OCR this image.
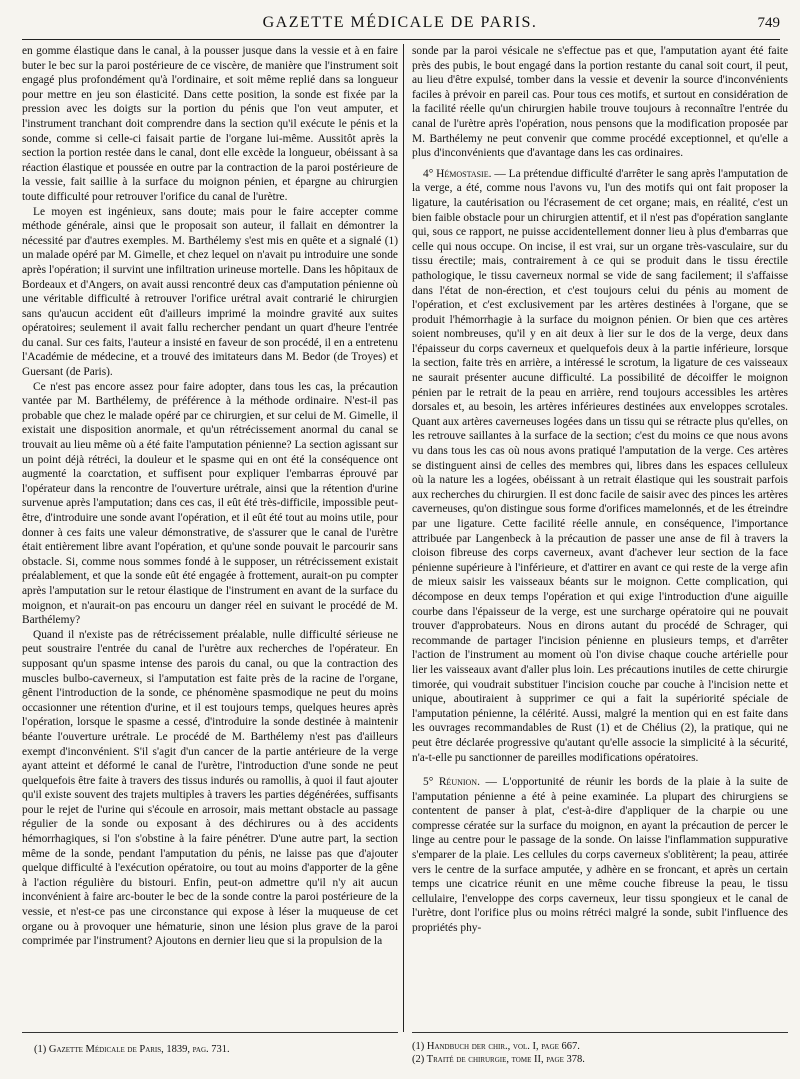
GAZETTE MÉDICALE DE PARIS.	749

en gomme élastique dans le canal, à la pousser jusque dans la vessie et à en faire buter le bec sur la paroi postérieure de ce viscère, de manière que l'instrument soit engagé plus profondément qu'à l'ordinaire, et soit même replié dans sa longueur pour mettre en jeu son élasticité. Dans cette position, la sonde est fixée par la pression avec les doigts sur la portion du pénis que l'on veut amputer, et l'instrument tranchant doit comprendre dans la section qu'il exécute le pénis et la sonde, comme si celle-ci faisait partie de l'organe lui-même. Aussitôt après la section la portion restée dans le canal, dont elle excède la longueur, obéissant à sa réaction élastique et poussée en outre par la contraction de la paroi postérieure de la vessie, fait saillie à la surface du moignon pénien, et épargne au chirurgien toute difficulté pour retrouver l'orifice du canal de l'urètre.

Le moyen est ingénieux, sans doute; mais pour le faire accepter comme méthode générale, ainsi que le proposait son auteur, il fallait en démontrer la nécessité par d'autres exemples. M. Barthélemy s'est mis en quête et a signalé (1) un malade opéré par M. Gimelle, et chez lequel on n'avait pu introduire une sonde après l'opération; il survint une infiltration urineuse mortelle. Dans les hôpitaux de Bordeaux et d'Angers, on avait aussi rencontré deux cas d'amputation pénienne où une véritable difficulté à retrouver l'orifice urétral avait contrarié le chirurgien sans qu'aucun accident eût d'ailleurs imprimé la moindre gravité aux suites opératoires; seulement il avait fallu rechercher pendant un quart d'heure l'entrée du canal. Sur ces faits, l'auteur a insisté en faveur de son procédé, il en a entretenu l'Académie de médecine, et a trouvé des imitateurs dans M. Bedor (de Troyes) et Guersant (de Paris).

Ce n'est pas encore assez pour faire adopter, dans tous les cas, la précaution vantée par M. Barthélemy, de préférence à la méthode ordinaire. N'est-il pas probable que chez le malade opéré par ce chirurgien, et sur celui de M. Gimelle, il existait une disposition anormale, et qu'un rétrécissement anormal du canal se trouvait au lieu même où a été faite l'amputation pénienne? La section agissant sur un point déjà rétréci, la douleur et le spasme qui en ont été la conséquence ont augmenté la coarctation, et suffisent pour expliquer l'embarras éprouvé par l'opérateur dans la rencontre de l'ouverture urétrale, ainsi que la rétention d'urine survenue après l'amputation; dans ces cas, il eût été très-difficile, impossible peut-être, d'introduire une sonde avant l'opération, et il eût été tout au moins utile, pour donner à ces faits une valeur démonstrative, de s'assurer que le canal de l'urètre était entièrement libre avant l'opération, et qu'une sonde pouvait le parcourir sans obstacle. Si, comme nous sommes fondé à le supposer, un rétrécissement existait préalablement, et que la sonde eût été engagée à frottement, aurait-on pu compter après l'amputation sur le retour élastique de l'instrument en avant de la surface du moignon, et n'aurait-on pas encouru un danger réel en suivant le procédé de M. Barthélemy?

Quand il n'existe pas de rétrécissement préalable, nulle difficulté sérieuse ne peut soustraire l'entrée du canal de l'urètre aux recherches de l'opérateur. En supposant qu'un spasme intense des parois du canal, ou que la contraction des muscles bulbo-caverneux, si l'amputation est faite près de la racine de l'organe, gênent l'introduction de la sonde, ce phénomène spasmodique ne peut du moins occasionner une rétention d'urine, et il est toujours temps, quelques heures après l'opération, lorsque le spasme a cessé, d'introduire la sonde destinée à maintenir béante l'ouverture urétrale. Le procédé de M. Barthélemy n'est pas d'ailleurs exempt d'inconvénient. S'il s'agit d'un cancer de la partie antérieure de la verge ayant atteint et déformé le canal de l'urètre, l'introduction d'une sonde ne peut quelquefois être faite à travers des tissus indurés ou ramollis, à quoi il faut ajouter qu'il existe souvent des trajets multiples à travers les parties dégénérées, suffisants pour le rejet de l'urine qui s'écoule en arrosoir, mais mettant obstacle au passage régulier de la sonde ou exposant à des déchirures ou à des accidents hémorrhagiques, si l'on s'obstine à la faire pénétrer. D'une autre part, la section même de la sonde, pendant l'amputation du pénis, ne laisse pas que d'ajouter quelque difficulté à l'exécution opératoire, ou tout au moins d'apporter de la gêne à l'action régulière du bistouri. Enfin, peut-on admettre qu'il n'y ait aucun inconvénient à faire arc-bouter le bec de la sonde contre la paroi postérieure de la vessie, et n'est-ce pas une circonstance qui expose à léser la muqueuse de cet organe ou à provoquer une hématurie, sinon une lésion plus grave de la paroi comprimée par l'instrument? Ajoutons en dernier lieu que si la propulsion de la

sonde par la paroi vésicale ne s'effectue pas et que, l'amputation ayant été faite près des pubis, le bout engagé dans la portion restante du canal soit court, il peut, au lieu d'être expulsé, tomber dans la vessie et devenir la source d'inconvénients faciles à prévoir en pareil cas. Pour tous ces motifs, et surtout en considération de la facilité réelle qu'un chirurgien habile trouve toujours à reconnaître l'entrée du canal de l'urètre après l'opération, nous pensons que la modification proposée par M. Barthélemy ne peut convenir que comme procédé exceptionnel, et qu'elle a plus d'inconvénients que d'avantage dans les cas ordinaires.

4° Hémostasie. — La prétendue difficulté d'arrêter le sang après l'amputation de la verge, a été, comme nous l'avons vu, l'un des motifs qui ont fait proposer la ligature, la cautérisation ou l'écrasement de cet organe; mais, en réalité, c'est un bien faible obstacle pour un chirurgien attentif, et il n'est pas d'opération sanglante qui, sous ce rapport, ne puisse accidentellement donner lieu à plus d'embarras que celle qui nous occupe. On incise, il est vrai, sur un organe très-vasculaire, sur du tissu érectile; mais, contrairement à ce qui se produit dans le tissu érectile pathologique, le tissu caverneux normal se vide de sang facilement; il s'affaisse dans l'état de non-érection, et c'est toujours celui du pénis au moment de l'opération, et c'est exclusivement par les artères destinées à l'organe, que se produit l'hémorrhagie à la surface du moignon pénien. Or bien que ces artères soient nombreuses, qu'il y en ait deux à lier sur le dos de la verge, deux dans l'épaisseur du corps caverneux et quelquefois deux à la partie inférieure, lorsque la section, faite très en arrière, a intéressé le scrotum, la ligature de ces vaisseaux ne saurait présenter aucune difficulté. La possibilité de décoiffer le moignon pénien par le retrait de la peau en arrière, rend toujours accessibles les artères dorsales et, au besoin, les artères inférieures destinées aux enveloppes scrotales. Quant aux artères caverneuses logées dans un tissu qui se rétracte plus qu'elles, on les retrouve saillantes à la surface de la section; c'est du moins ce que nous avons vu dans tous les cas où nous avons pratiqué l'amputation de la verge. Ces artères se distinguent ainsi de celles des membres qui, libres dans les espaces celluleux où la nature les a logées, obéissant à un retrait élastique qui les soustrait parfois aux recherches du chirurgien. Il est donc facile de saisir avec des pinces les artères caverneuses, qu'on distingue sous forme d'orifices mamelonnés, et de les étreindre par une ligature. Cette facilité réelle annule, en conséquence, l'importance attribuée par Langenbeck à la précaution de passer une anse de fil à travers la cloison fibreuse des corps caverneux, avant d'achever leur section de la face pénienne supérieure à l'inférieure, et d'attirer en avant ce qui reste de la verge afin de mieux saisir les vaisseaux béants sur le moignon. Cette complication, qui décompose en deux temps l'opération et qui exige l'introduction d'une aiguille courbe dans l'épaisseur de la verge, est une surcharge opératoire qui ne pouvait trouver d'approbateurs. Nous en dirons autant du procédé de Schrager, qui recommande de partager l'incision pénienne en plusieurs temps, et d'arrêter l'action de l'instrument au moment où l'on divise chaque couche artérielle pour lier les vaisseaux avant d'aller plus loin. Les précautions inutiles de cette chirurgie timorée, qui voudrait substituer l'incision couche par couche à l'incision nette et unique, aboutiraient à supprimer ce qui a fait la supériorité spéciale de l'amputation pénienne, la célérité. Aussi, malgré la mention qui en est faite dans les ouvrages recommandables de Rust (1) et de Chélius (2), la pratique, qui ne peut être déclarée progressive qu'autant qu'elle associe la simplicité à la sécurité, n'a-t-elle pu sanctionner de pareilles modifications opératoires.

5° Réunion. — L'opportunité de réunir les bords de la plaie à la suite de l'amputation pénienne a été à peine examinée. La plupart des chirurgiens se contentent de panser à plat, c'est-à-dire d'appliquer de la charpie ou une compresse cératée sur la surface du moignon, en ayant la précaution de percer le linge au centre pour le passage de la sonde. On laisse l'inflammation suppurative s'emparer de la plaie. Les cellules du corps caverneux s'oblitèrent; la peau, attirée vers le centre de la surface amputée, y adhère en se froncant, et après un certain temps une cicatrice réunit en une même couche fibreuse la peau, le tissu cellulaire, l'enveloppe des corps caverneux, leur tissu spongieux et le canal de l'urètre, dont l'orifice plus ou moins rétréci malgré la sonde, subit l'influence des propriétés phy-

(1) Gazette Médicale de Paris, 1839, pag. 731.	(1) Handbuch der chir., vol. I, page 667.
(2) Traité de chirurgie, tome II, page 378.
